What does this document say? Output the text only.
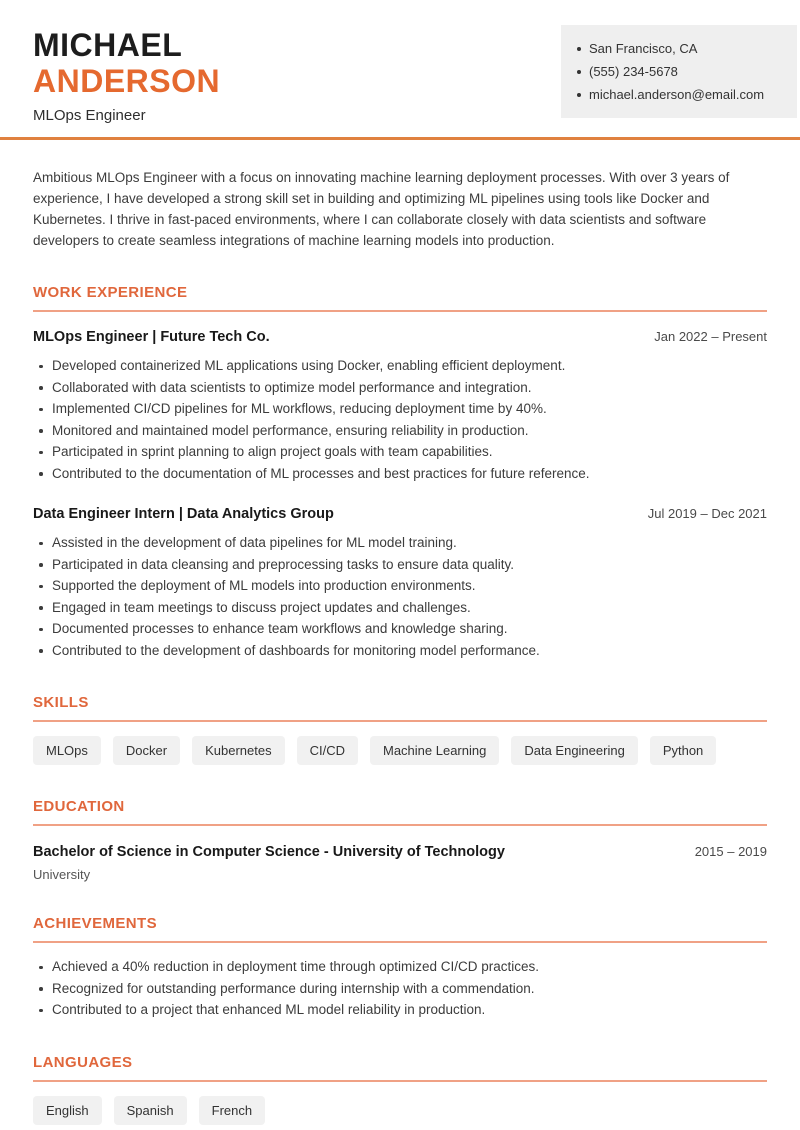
MICHAEL
ANDERSON
MLOps Engineer
San Francisco, CA
(555) 234-5678
michael.anderson@email.com

Ambitious MLOps Engineer with a focus on innovating machine learning deployment processes. With over 3 years of experience, I have developed a strong skill set in building and optimizing ML pipelines using tools like Docker and Kubernetes. I thrive in fast-paced environments, where I can collaborate closely with data scientists and software developers to create seamless integrations of machine learning models into production.

WORK EXPERIENCE
MLOps Engineer | Future Tech Co.	Jan 2022 – Present
Developed containerized ML applications using Docker, enabling efficient deployment.
Collaborated with data scientists to optimize model performance and integration.
Implemented CI/CD pipelines for ML workflows, reducing deployment time by 40%.
Monitored and maintained model performance, ensuring reliability in production.
Participated in sprint planning to align project goals with team capabilities.
Contributed to the documentation of ML processes and best practices for future reference.
Data Engineer Intern | Data Analytics Group	Jul 2019 – Dec 2021
Assisted in the development of data pipelines for ML model training.
Participated in data cleansing and preprocessing tasks to ensure data quality.
Supported the deployment of ML models into production environments.
Engaged in team meetings to discuss project updates and challenges.
Documented processes to enhance team workflows and knowledge sharing.
Contributed to the development of dashboards for monitoring model performance.
SKILLS
MLOps	Docker	Kubernetes	CI/CD	Machine Learning	Data Engineering	Python
EDUCATION
Bachelor of Science in Computer Science - University of Technology	2015 – 2019
University
ACHIEVEMENTS
Achieved a 40% reduction in deployment time through optimized CI/CD practices.
Recognized for outstanding performance during internship with a commendation.
Contributed to a project that enhanced ML model reliability in production.
LANGUAGES
English	Spanish	French
